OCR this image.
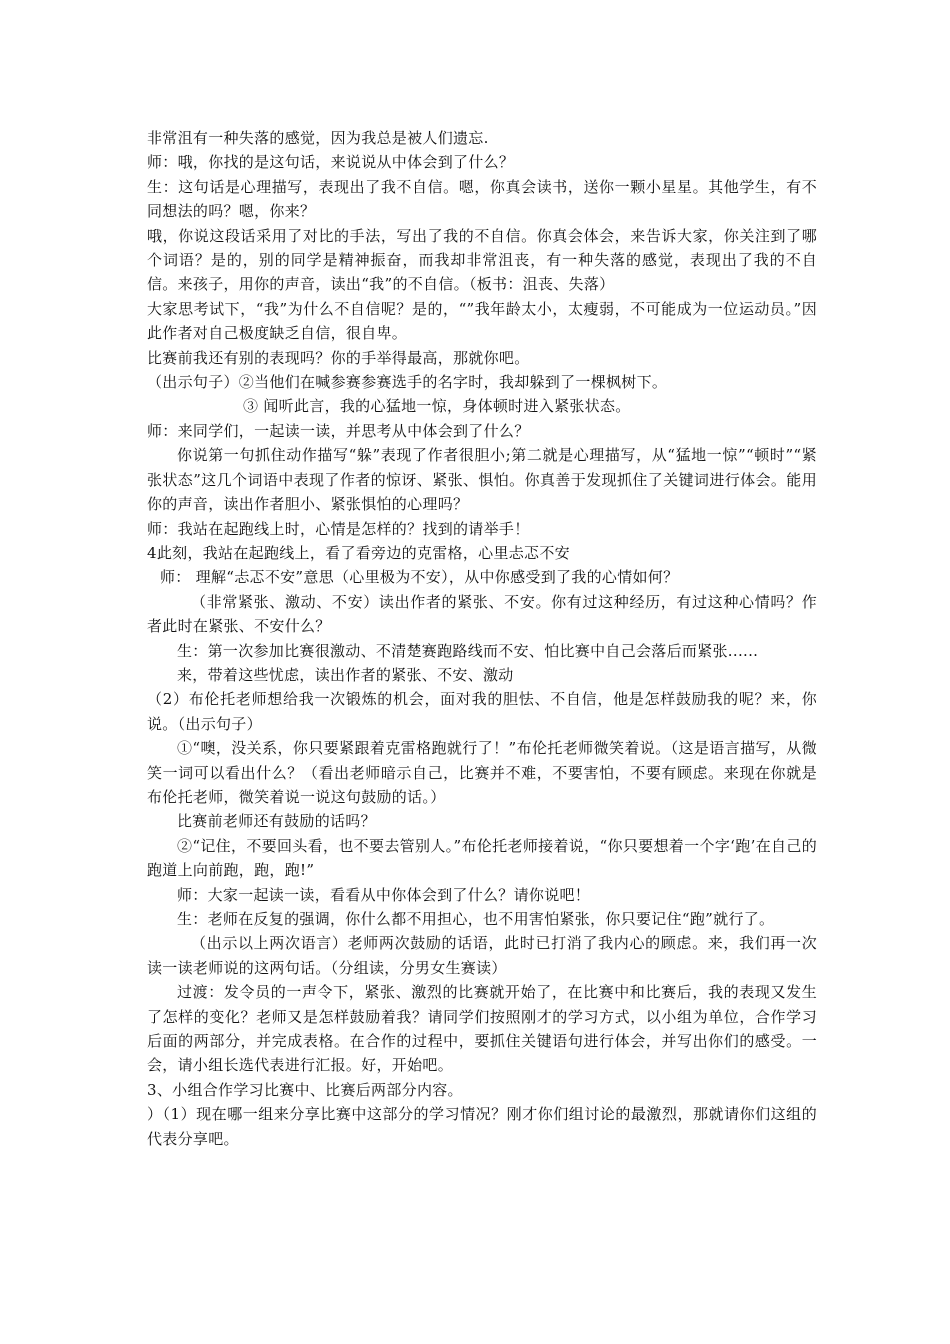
非常沮有一种失落的感觉，因为我总是被人们遗忘.

师：哦，你找的是这句话，来说说从中体会到了什么？

生：这句话是心理描写，表现出了我不自信。嗯，你真会读书，送你一颗小星星。其他学生，有不同想法的吗？嗯，你来？

哦，你说这段话采用了对比的手法，写出了我的不自信。你真会体会，来告诉大家，你关注到了哪个词语？是的，别的同学是精神振奋，而我却非常沮丧，有一种失落的感觉，表现出了我的不自信。来孩子，用你的声音，读出“我”的不自信。（板书：沮丧、失落）

大家思考试下，“我”为什么不自信呢？是的，“”我年龄太小，太瘦弱，不可能成为一位运动员。”因此作者对自己极度缺乏自信，很自卑。

比赛前我还有别的表现吗？你的手举得最高，那就你吧。

（出示句子）②当他们在喊参赛参赛选手的名字时，我却躲到了一棵枫树下。

③ 闻听此言，我的心猛地一惊，身体顿时进入紧张状态。

师：来同学们，一起读一读，并思考从中体会到了什么？

你说第一句抓住动作描写“躲”表现了作者很胆小;第二就是心理描写，从“猛地一惊”“顿时”“紧张状态”这几个词语中表现了作者的惊讶、紧张、惧怕。你真善于发现抓住了关键词进行体会。能用你的声音，读出作者胆小、紧张惧怕的心理吗？

师：我站在起跑线上时，心情是怎样的？找到的请举手！

4此刻，我站在起跑线上，看了看旁边的克雷格，心里忐忑不安

师： 理解“忐忑不安”意思（心里极为不安），从中你感受到了我的心情如何？

（非常紧张、激动、不安）读出作者的紧张、不安。你有过这种经历，有过这种心情吗？作者此时在紧张、不安什么？

生：第一次参加比赛很激动、不清楚赛跑路线而不安、怕比赛中自己会落后而紧张......

来，带着这些忧虑，读出作者的紧张、不安、激动

（2）布伦托老师想给我一次锻炼的机会，面对我的胆怯、不自信，他是怎样鼓励我的呢？来，你说。（出示句子）

①“噢，没关系，你只要紧跟着克雷格跑就行了！”布伦托老师微笑着说。（这是语言描写，从微笑一词可以看出什么？（看出老师暗示自己，比赛并不难，不要害怕，不要有顾虑。来现在你就是布伦托老师，微笑着说一说这句鼓励的话。）

比赛前老师还有鼓励的话吗？

②“记住，不要回头看，也不要去管别人。”布伦托老师接着说，“你只要想着一个字‘跑’在自己的跑道上向前跑，跑，跑!”

师：大家一起读一读，看看从中你体会到了什么？请你说吧！

生：老师在反复的强调，你什么都不用担心，也不用害怕紧张，你只要记住“跑”就行了。

（出示以上两次语言）老师两次鼓励的话语，此时已打消了我内心的顾虑。来，我们再一次读一读老师说的这两句话。（分组读，分男女生赛读）

过渡：发令员的一声令下，紧张、激烈的比赛就开始了，在比赛中和比赛后，我的表现又发生了怎样的变化？老师又是怎样鼓励着我？请同学们按照刚才的学习方式，以小组为单位，合作学习后面的两部分，并完成表格。在合作的过程中，要抓住关键语句进行体会，并写出你们的感受。一会，请小组长选代表进行汇报。好，开始吧。

3、小组合作学习比赛中、比赛后两部分内容。

）（1）现在哪一组来分享比赛中这部分的学习情况？刚才你们组讨论的最激烈，那就请你们这组的代表分享吧。
